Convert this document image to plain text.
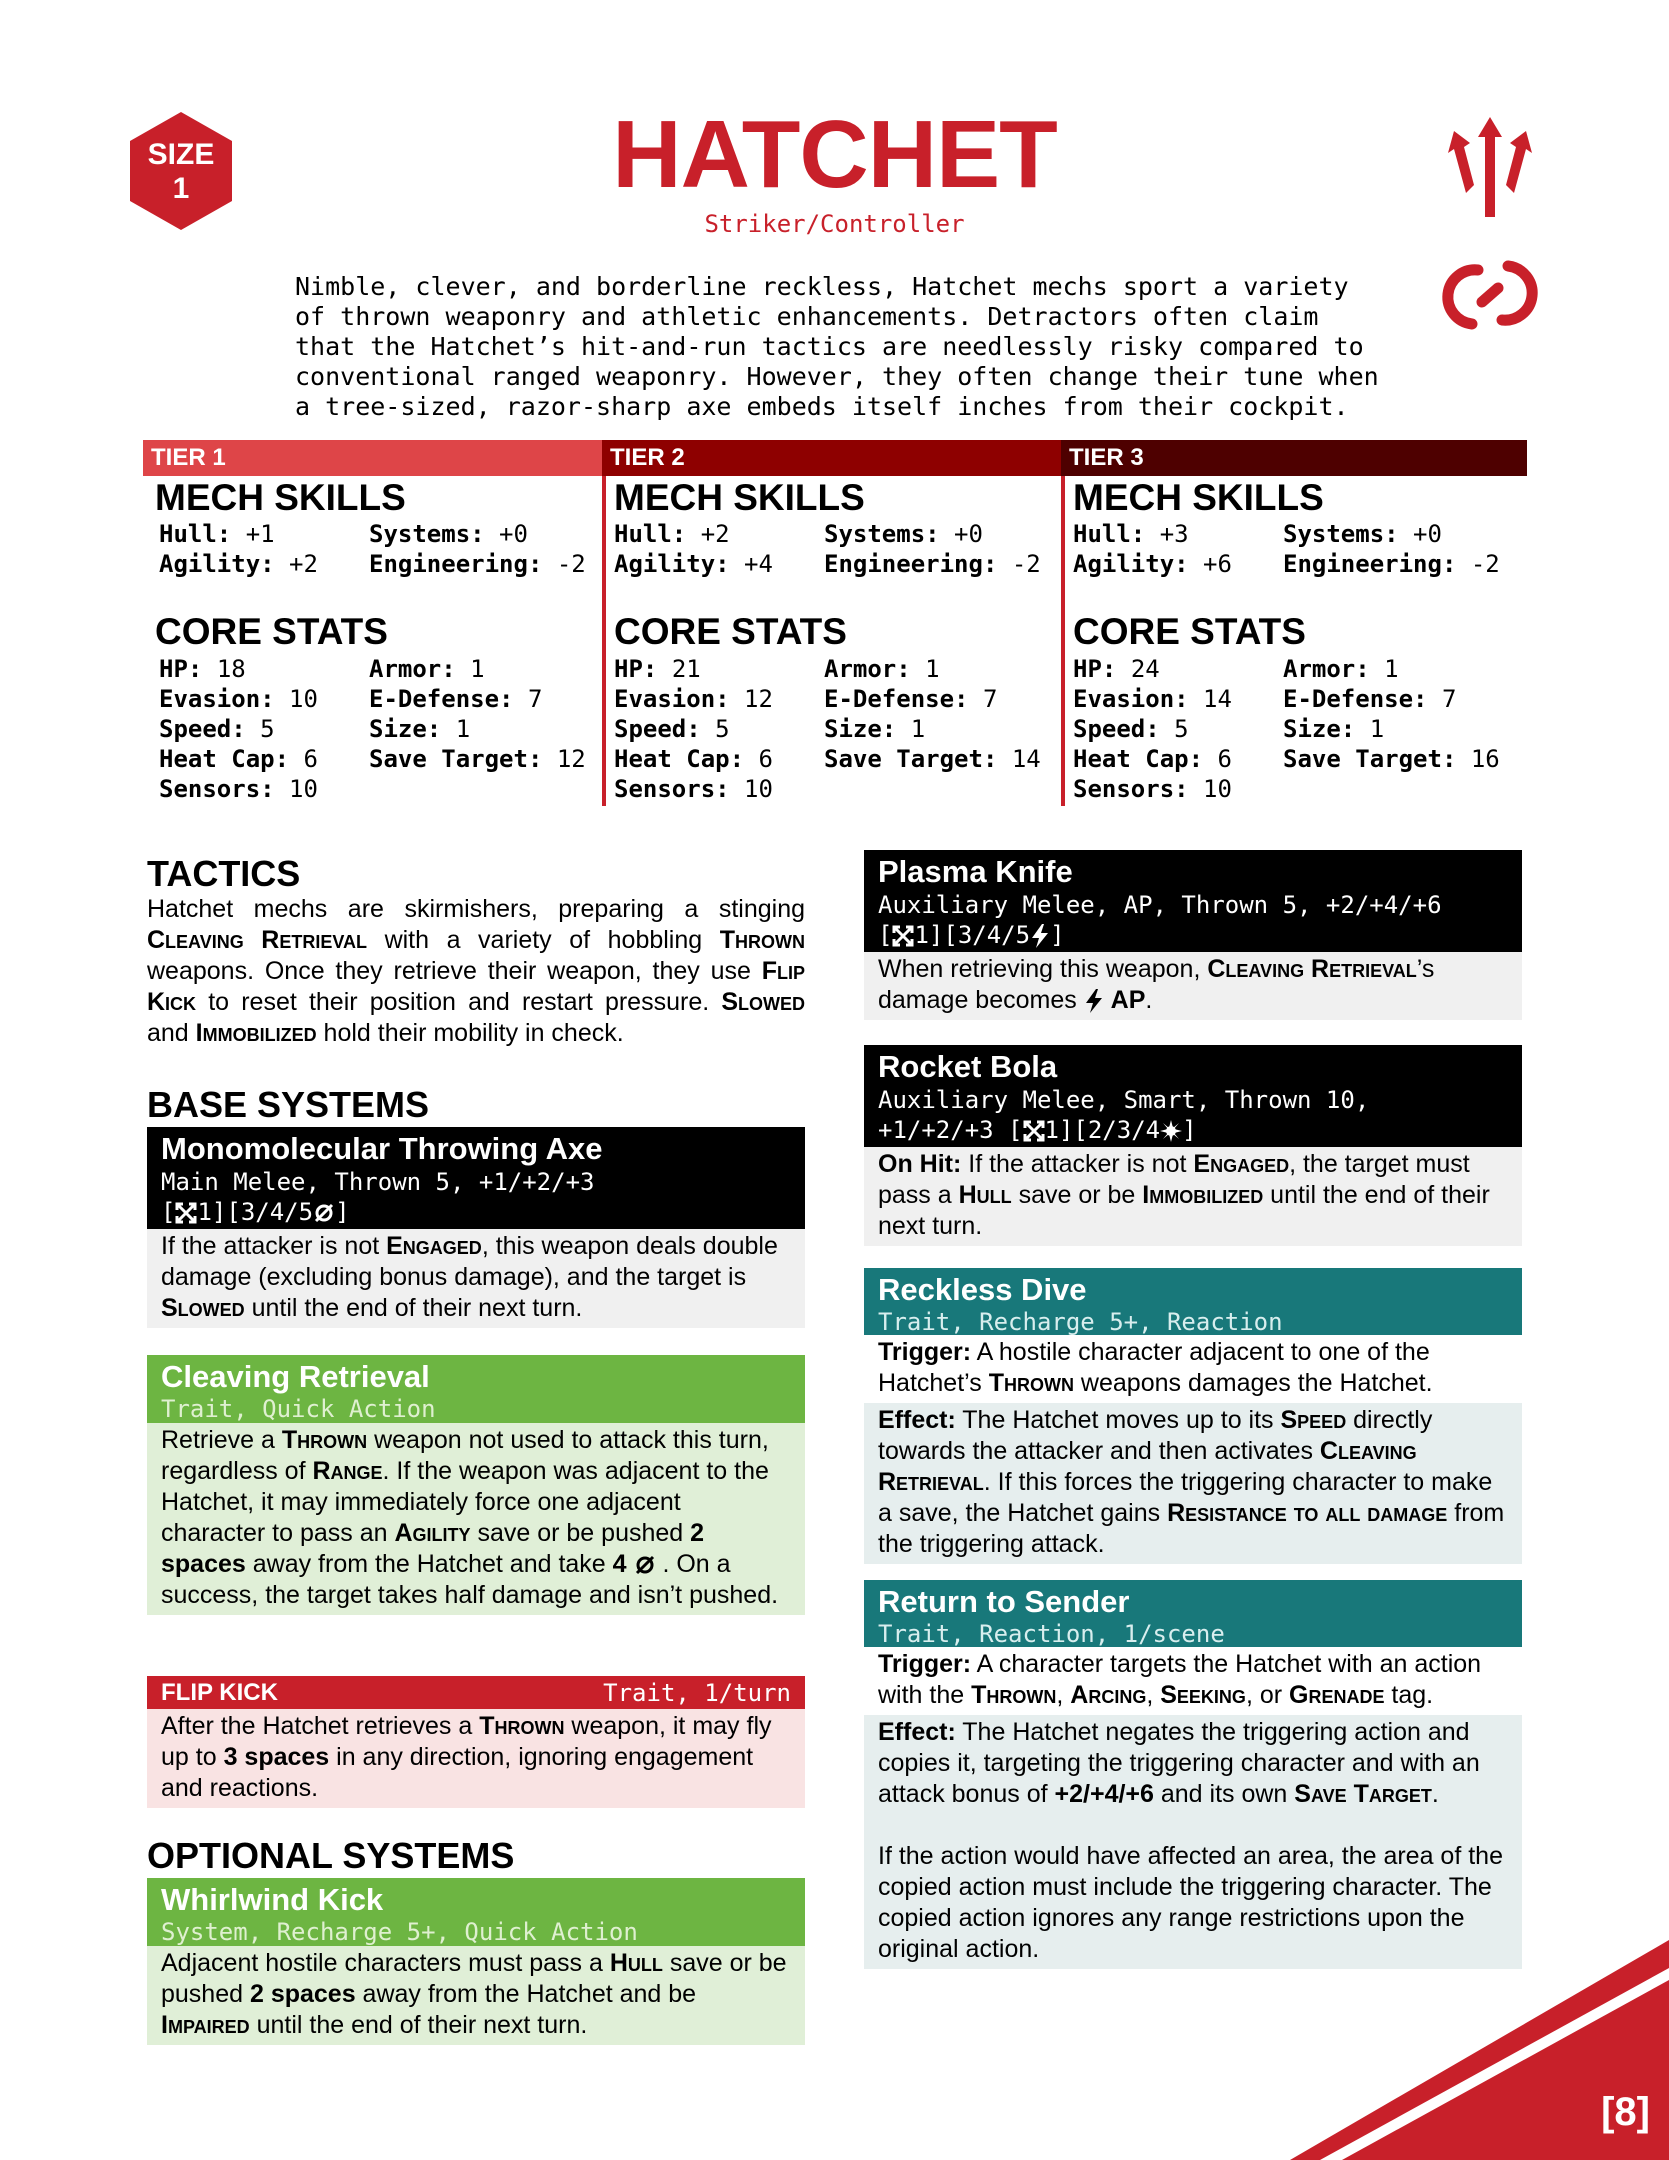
SIZE
1	HATCHET
Striker/Controller
Nimble, clever, and borderline reckless, Hatchet mechs sport a variety
of thrown weaponry and athletic enhancements. Detractors often claim
that the Hatchet’s hit-and-run tactics are needlessly risky compared to
conventional ranged weaponry. However, they often change their tune when
a tree-sized, razor-sharp axe embeds itself inches from their cockpit.
TIER 1	TIER 2	TIER 3
MECH SKILLS
Hull: +1	Systems: +0
Agility: +2 Engineering: -2
CORE STATS
HP: 18	Armor: 1
Evasion: 10 E-Defense: 7
Speed: 5	Size: 1
Heat Cap: 6 Save Target: 12
Sensors: 10
MECH SKILLS
Hull: +2	Systems: +0
Agility: +4 Engineering: -2
CORE STATS
HP: 21	Armor: 1
Evasion: 12 E-Defense: 7
Speed: 5	Size: 1
Heat Cap: 6 Save Target: 14
Sensors: 10
MECH SKILLS
Hull: +3	Systems: +0
Agility: +6 Engineering: -2
CORE STATS
HP: 24	Armor: 1
Evasion: 14 E-Defense: 7
Speed: 5	Size: 1
Heat Cap: 6 Save Target: 16
Sensors: 10
TACTICS
Hatchet mechs are skirmishers, preparing a stinging Cleaving Retrieval with a variety of hobbling Thrown weapons. Once they retrieve their weapon, they use Flip Kick to reset their position and restart pressure. Slowed and Immobilized hold their mobility in check.
BASE SYSTEMS
Monomolecular Throwing Axe
Main Melee, Thrown 5, +1/+2/+3
[ 1][3/4/5 ]
If the attacker is not Engaged, this weapon deals double damage (excluding bonus damage), and the target is Slowed until the end of their next turn.
Cleaving Retrieval
Trait, Quick Action
Retrieve a Thrown weapon not used to attack this turn, regardless of Range. If the weapon was adjacent to the Hatchet, it may immediately force one adjacent character to pass an Agility save or be pushed 2 spaces away from the Hatchet and take 4 . On a success, the target takes half damage and isn’t pushed.
FLIP KICK	Trait, 1/turn
After the Hatchet retrieves a Thrown weapon, it may fly up to 3 spaces in any direction, ignoring engagement and reactions.
OPTIONAL SYSTEMS
Whirlwind Kick
System, Recharge 5+, Quick Action
Adjacent hostile characters must pass a Hull save or be pushed 2 spaces away from the Hatchet and be Impaired until the end of their next turn.
Plasma Knife
Auxiliary Melee, AP, Thrown 5, +2/+4/+6
[ 1][3/4/5 ]
When retrieving this weapon, Cleaving Retrieval’s damage becomes  AP.
Rocket Bola
Auxiliary Melee, Smart, Thrown 10,
+1/+2/+3 [ 1][2/3/4 ]
On Hit: If the attacker is not Engaged, the target must pass a Hull save or be Immobilized until the end of their next turn.
Reckless Dive
Trait, Recharge 5+, Reaction
Trigger: A hostile character adjacent to one of the Hatchet’s Thrown weapons damages the Hatchet.
Effect: The Hatchet moves up to its Speed directly towards the attacker and then activates Cleaving Retrieval. If this forces the triggering character to make a save, the Hatchet gains Resistance to all damage from the triggering attack.
Return to Sender
Trait, Reaction, 1/scene
Trigger: A character targets the Hatchet with an action with the Thrown, Arcing, Seeking, or Grenade tag.
Effect: The Hatchet negates the triggering action and copies it, targeting the triggering character and with an attack bonus of +2/+4/+6 and its own Save Target.
If the action would have affected an area, the area of the copied action must include the triggering character. The copied action ignores any range restrictions upon the original action.
[8]
